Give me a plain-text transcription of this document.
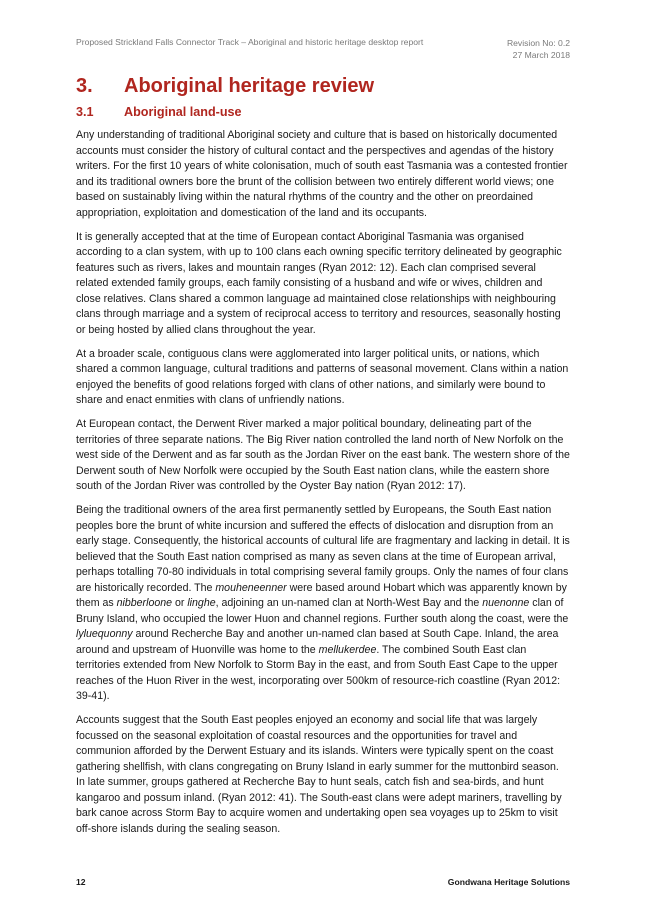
Proposed Strickland Falls Connector Track – Aboriginal and historic heritage desktop report	Revision No: 0.2
27 March 2018
3.	Aboriginal heritage review
3.1	Aboriginal land-use

Any understanding of traditional Aboriginal society and culture that is based on historically documented accounts must consider the history of cultural contact and the perspectives and agendas of the history writers. For the first 10 years of white colonisation, much of south east Tasmania was a contested frontier and its traditional owners bore the brunt of the collision between two entirely different world views; one based on sustainably living within the natural rhythms of the country and the other on preordained appropriation, exploitation and domestication of the land and its occupants.

It is generally accepted that at the time of European contact Aboriginal Tasmania was organised according to a clan system, with up to 100 clans each owning specific territory delineated by geographic features such as rivers, lakes and mountain ranges (Ryan 2012: 12). Each clan comprised several related extended family groups, each family consisting of a husband and wife or wives, children and close relatives. Clans shared a common language ad maintained close relationships with neighbouring clans through marriage and a system of reciprocal access to territory and resources, seasonally hosting or being hosted by allied clans throughout the year.

At a broader scale, contiguous clans were agglomerated into larger political units, or nations, which shared a common language, cultural traditions and patterns of seasonal movement. Clans within a nation enjoyed the benefits of good relations forged with clans of other nations, and similarly were bound to share and enact enmities with clans of unfriendly nations.

At European contact, the Derwent River marked a major political boundary, delineating part of the territories of three separate nations. The Big River nation controlled the land north of New Norfolk on the west side of the Derwent and as far south as the Jordan River on the east bank. The western shore of the Derwent south of New Norfolk were occupied by the South East nation clans, while the eastern shore south of the Jordan River was controlled by the Oyster Bay nation (Ryan 2012: 17).

Being the traditional owners of the area first permanently settled by Europeans, the South East nation peoples bore the brunt of white incursion and suffered the effects of dislocation and disruption from an early stage. Consequently, the historical accounts of cultural life are fragmentary and lacking in detail. It is believed that the South East nation comprised as many as seven clans at the time of European arrival, perhaps totalling 70-80 individuals in total comprising several family groups. Only the names of four clans are historically recorded. The mouheneenner were based around Hobart which was apparently known by them as nibberloone or linghe, adjoining an un-named clan at North-West Bay and the nuenonne clan of Bruny Island, who occupied the lower Huon and channel regions. Further south along the coast, were the lyluequonny around Recherche Bay and another un-named clan based at South Cape. Inland, the area around and upstream of Huonville was home to the mellukerdee. The combined South East clan territories extended from New Norfolk to Storm Bay in the east, and from South East Cape to the upper reaches of the Huon River in the west, incorporating over 500km of resource-rich coastline (Ryan 2012: 39-41).

Accounts suggest that the South East peoples enjoyed an economy and social life that was largely focussed on the seasonal exploitation of coastal resources and the opportunities for travel and communion afforded by the Derwent Estuary and its islands. Winters were typically spent on the coast gathering shellfish, with clans congregating on Bruny Island in early summer for the muttonbird season. In late summer, groups gathered at Recherche Bay to hunt seals, catch fish and sea-birds, and hunt kangaroo and possum inland. (Ryan 2012: 41). The South-east clans were adept mariners, travelling by bark canoe across Storm Bay to acquire women and undertaking open sea voyages up to 25km to visit off-shore islands during the sealing season.

12	Gondwana Heritage Solutions
